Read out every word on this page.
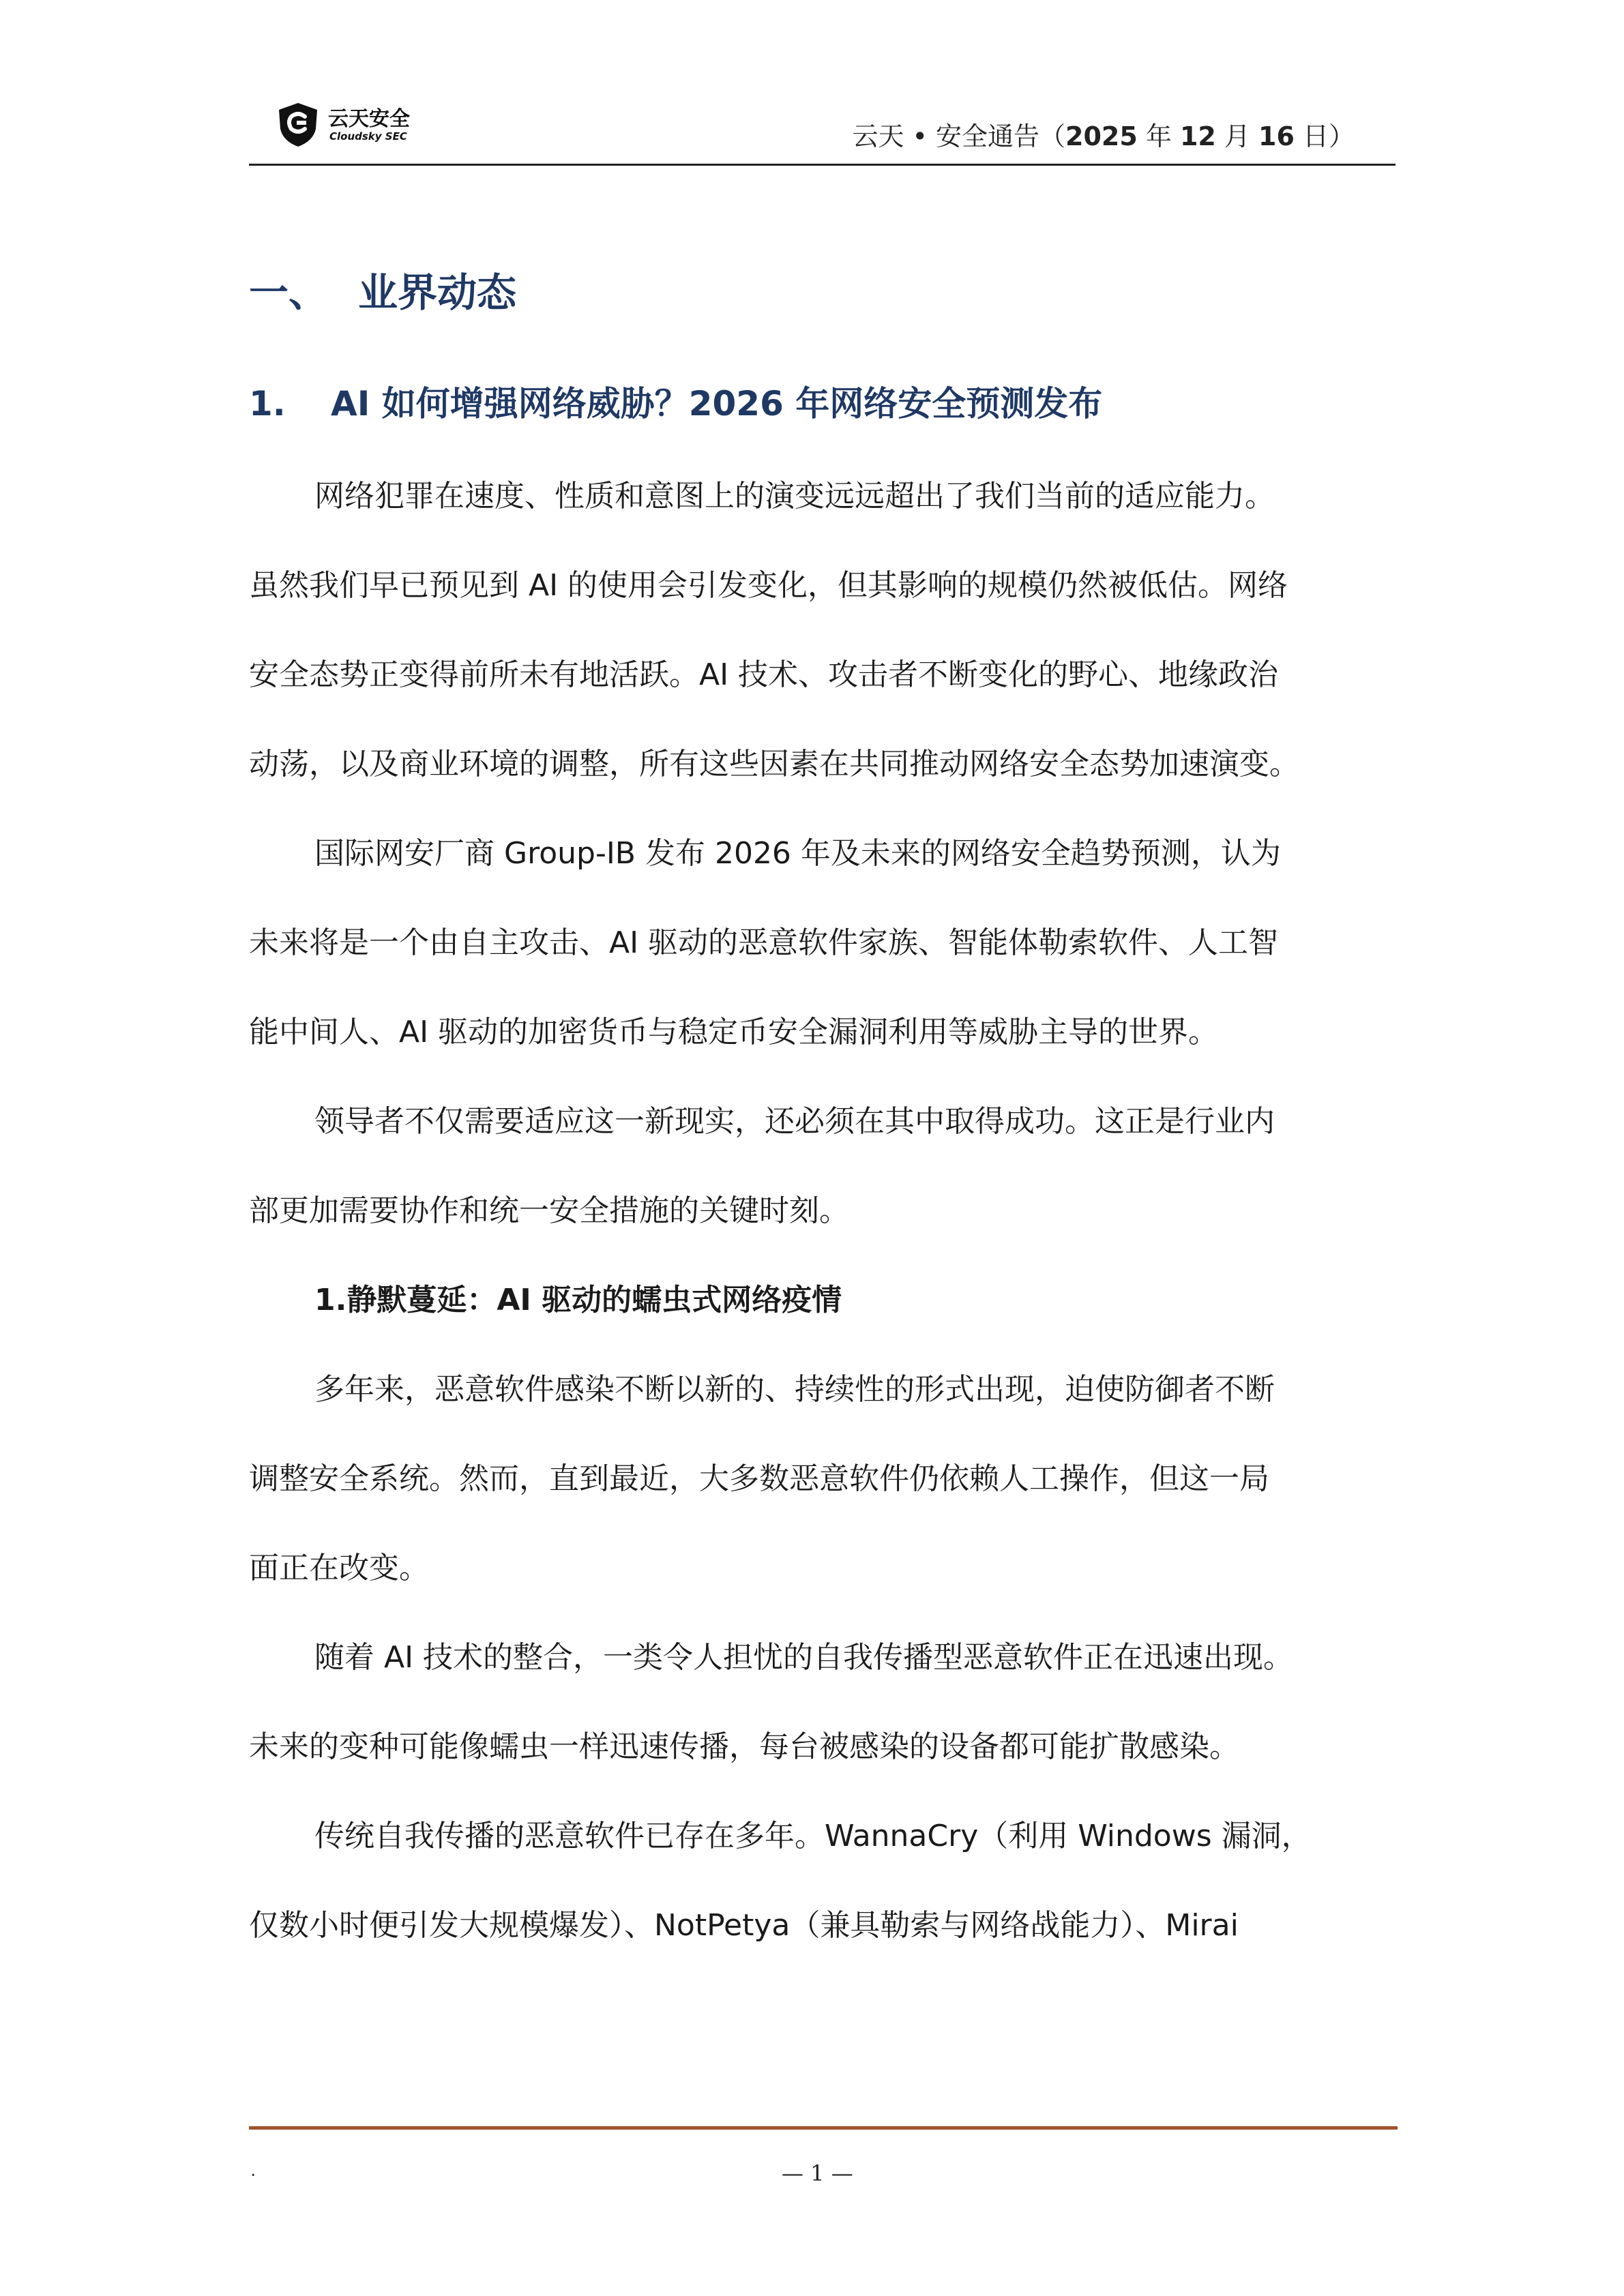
云天安全
Cloudsky SEC	云天 • 安全通告（2025 年 12 月 16 日）
一、 业界动态
1. AI 如何增强网络威胁？2026 年网络安全预测发布
网络犯罪在速度、性质和意图上的演变远远超出了我们当前的适应能力。
虽然我们早已预见到 AI 的使用会引发变化，但其影响的规模仍然被低估。网络
安全态势正变得前所未有地活跃。AI 技术、攻击者不断变化的野心、地缘政治
动荡，以及商业环境的调整，所有这些因素在共同推动网络安全态势加速演变。
国际网安厂商 Group-IB 发布 2026 年及未来的网络安全趋势预测，认为
未来将是一个由自主攻击、AI 驱动的恶意软件家族、智能体勒索软件、人工智
能中间人、AI 驱动的加密货币与稳定币安全漏洞利用等威胁主导的世界。
领导者不仅需要适应这一新现实，还必须在其中取得成功。这正是行业内
部更加需要协作和统一安全措施的关键时刻。
1.静默蔓延：AI 驱动的蠕虫式网络疫情
多年来，恶意软件感染不断以新的、持续性的形式出现，迫使防御者不断
调整安全系统。然而，直到最近，大多数恶意软件仍依赖人工操作，但这一局
面正在改变。
随着 AI 技术的整合，一类令人担忧的自我传播型恶意软件正在迅速出现。
未来的变种可能像蠕虫一样迅速传播，每台被感染的设备都可能扩散感染。
传统自我传播的恶意软件已存在多年。WannaCry（利用 Windows 漏洞，
仅数小时便引发大规模爆发）、NotPetya（兼具勒索与网络战能力）、Mirai
.	— 1 —
